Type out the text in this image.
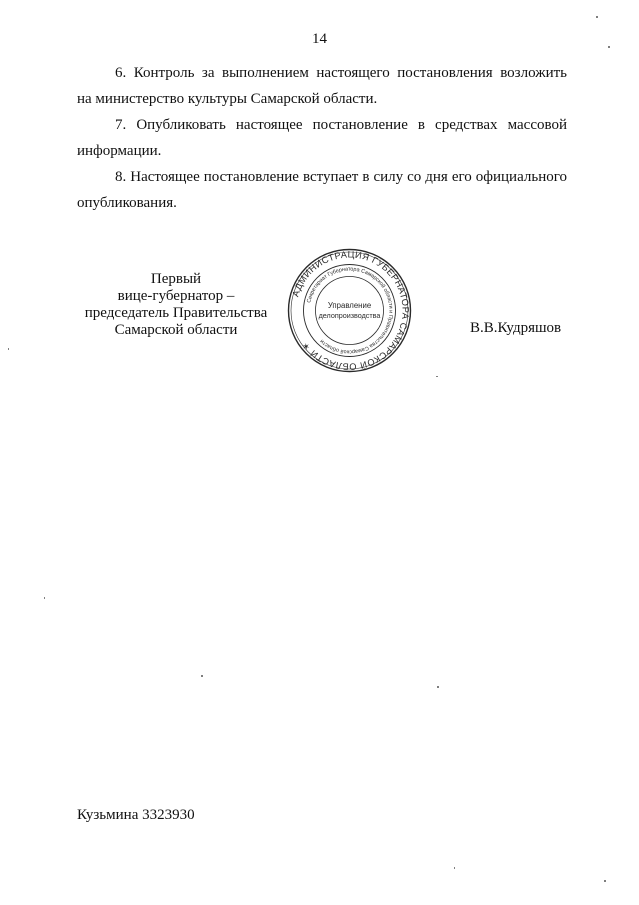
14
6. Контроль за выполнением настоящего постановления возложить
на министерство культуры Самарской области.
7. Опубликовать настоящее постановление в средствах массовой
информации.
8. Настоящее постановление вступает в силу со дня его официального
опубликования.
Первый
вице-губернатор –
председатель Правительства
Самарской области
АДМИНИСТРАЦИЯ ГУБЕРНАТОРА САМАРСКОЙ ОБЛАСТИ ✶
Секретариат Губернатора Самарской области и Правительства Самарской области
Управление
делопроизводства
В.В.Кудряшов
Кузьмина 3323930
